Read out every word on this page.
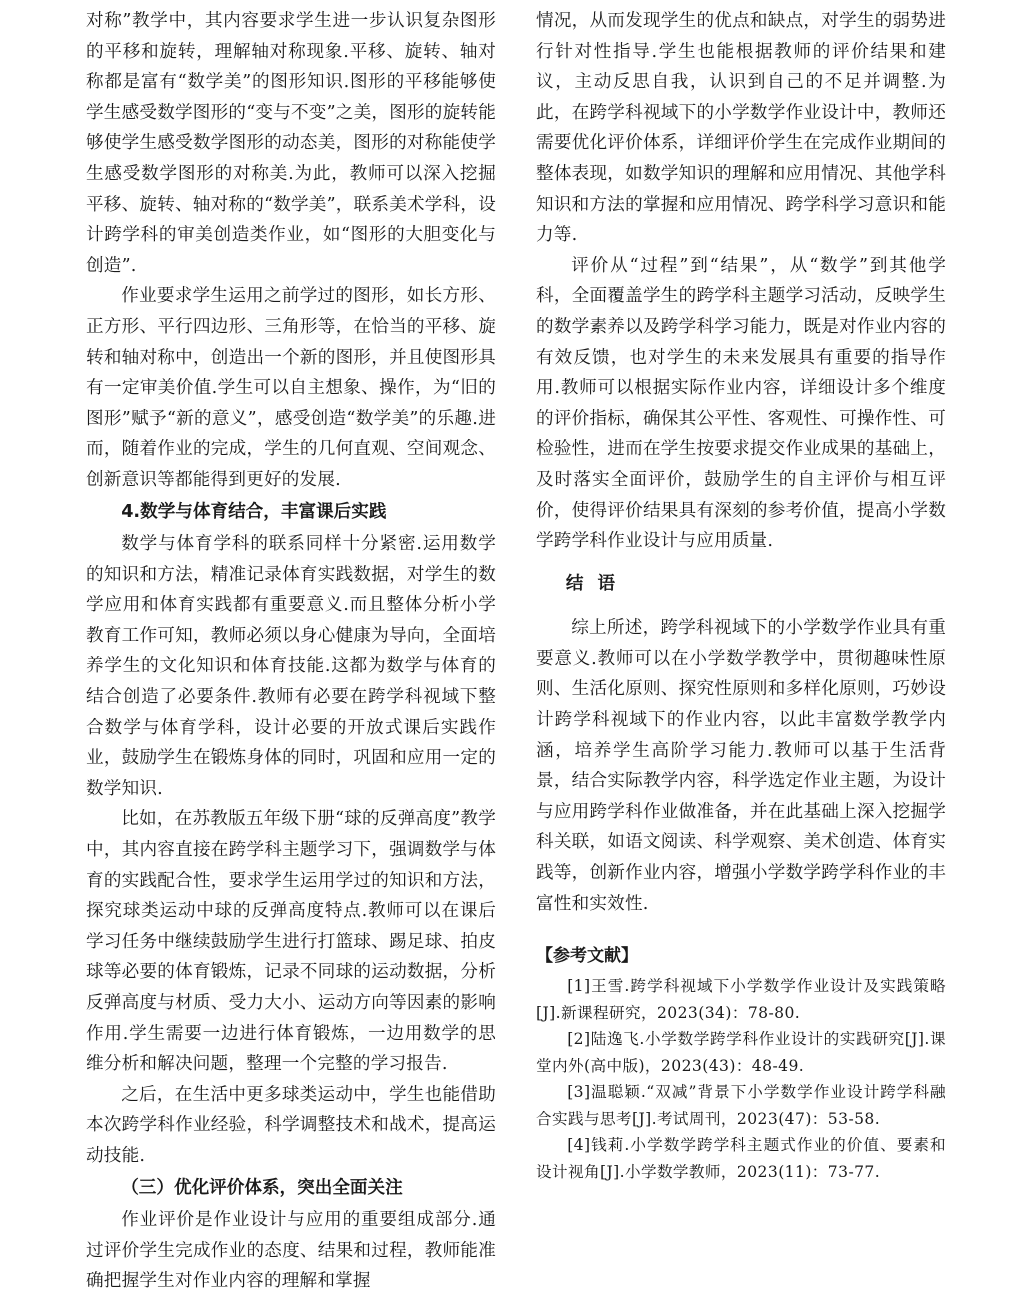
对称”教学中，其内容要求学生进一步认识复杂图形的平移和旋转，理解轴对称现象.平移、旋转、轴对称都是富有“数学美”的图形知识.图形的平移能够使学生感受数学图形的“变与不变”之美，图形的旋转能够使学生感受数学图形的动态美，图形的对称能使学生感受数学图形的对称美.为此，教师可以深入挖掘平移、旋转、轴对称的“数学美”，联系美术学科，设计跨学科的审美创造类作业，如“图形的大胆变化与创造”.

作业要求学生运用之前学过的图形，如长方形、正方形、平行四边形、三角形等，在恰当的平移、旋转和轴对称中，创造出一个新的图形，并且使图形具有一定审美价值.学生可以自主想象、操作，为“旧的图形”赋予“新的意义”，感受创造“数学美”的乐趣.进而，随着作业的完成，学生的几何直观、空间观念、创新意识等都能得到更好的发展.

4.数学与体育结合，丰富课后实践

数学与体育学科的联系同样十分紧密.运用数学的知识和方法，精准记录体育实践数据，对学生的数学应用和体育实践都有重要意义.而且整体分析小学教育工作可知，教师必须以身心健康为导向，全面培养学生的文化知识和体育技能.这都为数学与体育的结合创造了必要条件.教师有必要在跨学科视域下整合数学与体育学科，设计必要的开放式课后实践作业，鼓励学生在锻炼身体的同时，巩固和应用一定的数学知识.

比如，在苏教版五年级下册“球的反弹高度”教学中，其内容直接在跨学科主题学习下，强调数学与体育的实践配合性，要求学生运用学过的知识和方法，探究球类运动中球的反弹高度特点.教师可以在课后学习任务中继续鼓励学生进行打篮球、踢足球、拍皮球等必要的体育锻炼，记录不同球的运动数据，分析反弹高度与材质、受力大小、运动方向等因素的影响作用.学生需要一边进行体育锻炼，一边用数学的思维分析和解决问题，整理一个完整的学习报告.

之后，在生活中更多球类运动中，学生也能借助本次跨学科作业经验，科学调整技术和战术，提高运动技能.

（三）优化评价体系，突出全面关注

作业评价是作业设计与应用的重要组成部分.通过评价学生完成作业的态度、结果和过程，教师能准确把握学生对作业内容的理解和掌握

情况，从而发现学生的优点和缺点，对学生的弱势进行针对性指导.学生也能根据教师的评价结果和建议，主动反思自我，认识到自己的不足并调整.为此，在跨学科视域下的小学数学作业设计中，教师还需要优化评价体系，详细评价学生在完成作业期间的整体表现，如数学知识的理解和应用情况、其他学科知识和方法的掌握和应用情况、跨学科学习意识和能力等.

评价从“过程”到“结果”，从“数学”到其他学科，全面覆盖学生的跨学科主题学习活动，反映学生的数学素养以及跨学科学习能力，既是对作业内容的有效反馈，也对学生的未来发展具有重要的指导作用.教师可以根据实际作业内容，详细设计多个维度的评价指标，确保其公平性、客观性、可操作性、可检验性，进而在学生按要求提交作业成果的基础上，及时落实全面评价，鼓励学生的自主评价与相互评价，使得评价结果具有深刻的参考价值，提高小学数学跨学科作业设计与应用质量.

结语

综上所述，跨学科视域下的小学数学作业具有重要意义.教师可以在小学数学教学中，贯彻趣味性原则、生活化原则、探究性原则和多样化原则，巧妙设计跨学科视域下的作业内容，以此丰富数学教学内涵，培养学生高阶学习能力.教师可以基于生活背景，结合实际教学内容，科学选定作业主题，为设计与应用跨学科作业做准备，并在此基础上深入挖掘学科关联，如语文阅读、科学观察、美术创造、体育实践等，创新作业内容，增强小学数学跨学科作业的丰富性和实效性.

【参考文献】

[1]王雪.跨学科视域下小学数学作业设计及实践策略[J].新课程研究，2023(34)：78-80.

[2]陆逸飞.小学数学跨学科作业设计的实践研究[J].课堂内外(高中版)，2023(43)：48-49.

[3]温聪颖.“双减”背景下小学数学作业设计跨学科融合实践与思考[J].考试周刊，2023(47)：53-58.

[4]钱莉.小学数学跨学科主题式作业的价值、要素和设计视角[J].小学数学教师，2023(11)：73-77.
